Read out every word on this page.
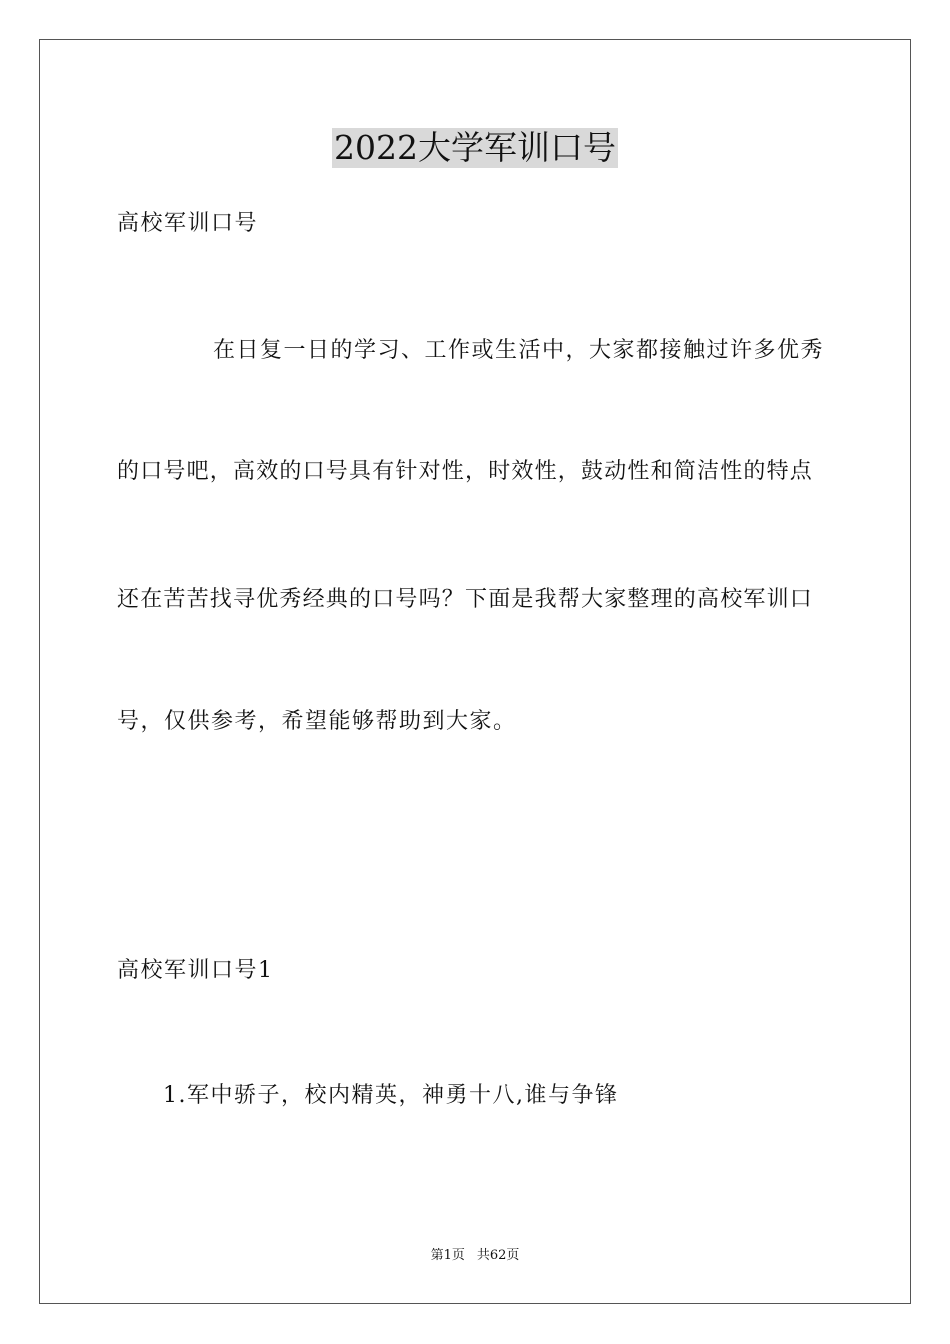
2022大学军训口号
高校军训口号
在日复一日的学习、工作或生活中，大家都接触过许多优秀
的口号吧，高效的口号具有针对性，时效性，鼓动性和简洁性的特点
还在苦苦找寻优秀经典的口号吗？下面是我帮大家整理的高校军训口
号，仅供参考，希望能够帮助到大家。
高校军训口号1
1.军中骄子，校内精英，神勇十八,谁与争锋
第1页 共62页
